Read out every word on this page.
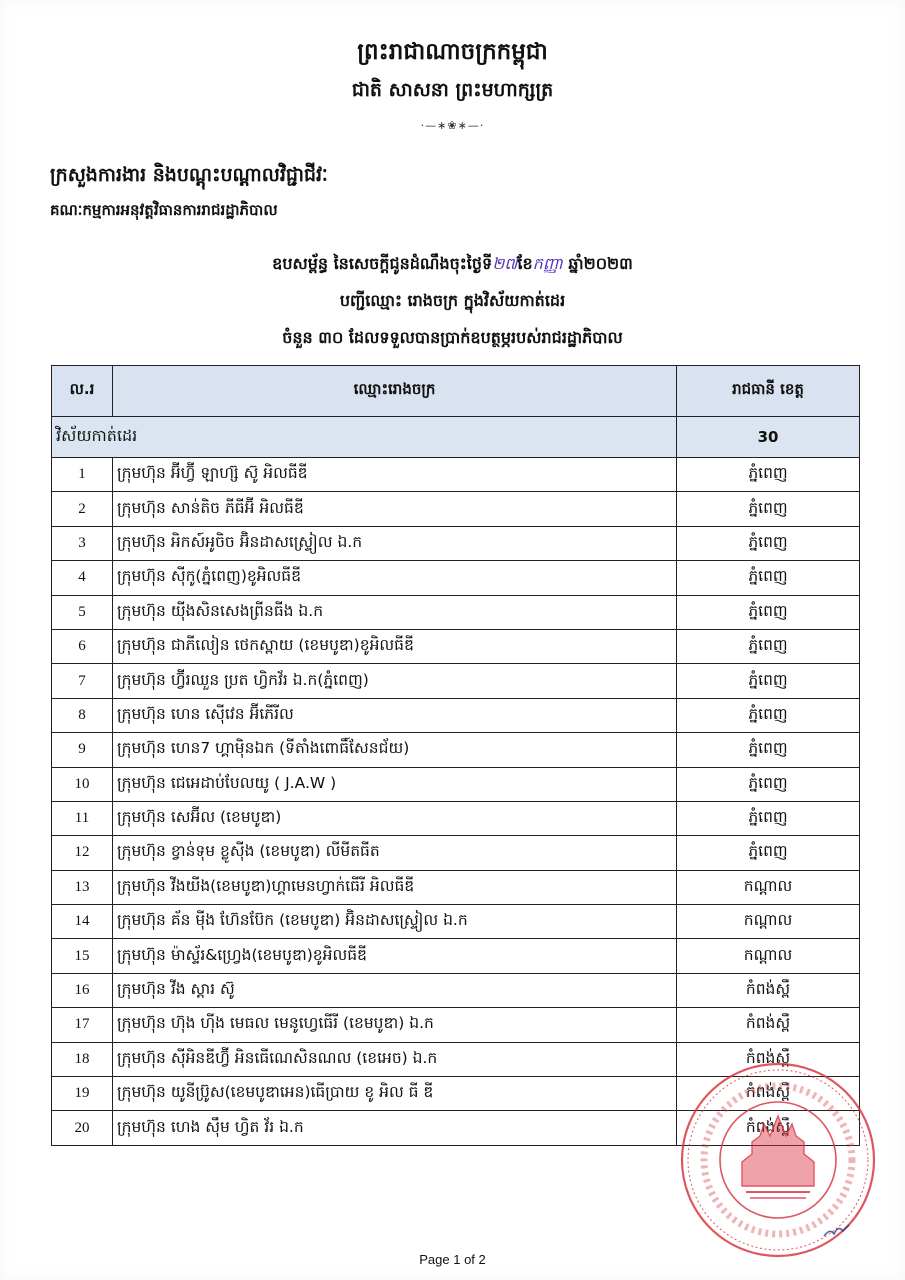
ព្រះរាជាណាចក្រកម្ពុជា
ជាតិ សាសនា ព្រះមហាក្សត្រ
·—∗❀∗—·
ក្រសួងការងារ និងបណ្តុះបណ្តាលវិជ្ជាជីវៈ
គណៈកម្មការអនុវត្តវិធានការរាជរដ្ឋាភិបាល
ឧបសម្ព័ន្ធ នៃសេចក្តីជូនដំណឹងចុះថ្ងៃទី២៧ខែកញ្ញា ឆ្នាំ២០២៣
បញ្ជីឈ្មោះ រោងចក្រ ក្នុងវិស័យកាត់ដេរ
ចំនួន ៣០ ដែលទទួលបានប្រាក់ឧបត្ថម្ភរបស់រាជរដ្ឋាភិបាល
ល.រ	ឈ្មោះរោងចក្រ	រាជធានី ខេត្ត
វិស័យកាត់ដេរ		30
1	ក្រុមហ៊ុន អ៊ីហ្វ៊ី ឡាហ្ស៊ ស៊ូ អិលធីឌី	ភ្នំពេញ
2	ក្រុមហ៊ុន សាន់តិច ភីធីអ៊ី អិលធីឌី	ភ្នំពេញ
3	ក្រុមហ៊ុន អិកស៍អូចិច អ៊ិនដាសស្ទ្រៀល ឯ.ក	ភ្នំពេញ
4	ក្រុមហ៊ុន ស៊ីកូ(ភ្នំពេញ)ខូអិលធីឌី	ភ្នំពេញ
5	ក្រុមហ៊ុន យ៉ីងសិនសេងព្រីនធីង ឯ.ក	ភ្នំពេញ
6	ក្រុមហ៊ុន ជាភីលៀន ថេកស្ពាយ (ខេមបូឌា)ខូអិលធីឌី	ភ្នំពេញ
7	ក្រុមហ៊ុន ហ្វ៊ីរឈួន ប្រត ហ្វិកវ័រ ឯ.ក(ភ្នំពេញ)	ភ្នំពេញ
8	ក្រុមហ៊ុន ហេន ស៊ើវេន អ៊ីភើរីល	ភ្នំពេញ
9	ក្រុមហ៊ុន ហេន7 ហ្គាម៉ិនឯក (ទីតាំងពោធិ៍សែនជ័យ)	ភ្នំពេញ
10	ក្រុមហ៊ុន ជេអេដាប់បែលយូ ( J.A.W )	ភ្នំពេញ
11	ក្រុមហ៊ុន សេអ៊ីល (ខេមបូឌា)	ភ្នំពេញ
12	ក្រុមហ៊ុន ខ្វាន់ទុម ខ្លូស៊ីង (ខេមបូឌា) លីមីតធីត	ភ្នំពេញ
13	ក្រុមហ៊ុន វីងយីង(ខេមបូឌា)ហ្គាមេនហ្វាក់ធើរី អិលធីឌី	កណ្តាល
14	ក្រុមហ៊ុន គ័ន ម៉ីង ហ៊ែនប៊ែក (ខេមបូឌា) អ៊ិនដាសស្ទ្រៀល ឯ.ក	កណ្តាល
15	ក្រុមហ៊ុន ម៉ាស្ទ័រ&ហ្វ្រេង(ខេមបូឌា)ខូអិលធីឌី	កណ្តាល
16	ក្រុមហ៊ុន វីង ស្តារ ស៊ូ	កំពង់ស្ពឺ
17	ក្រុមហ៊ុន ហ៊ុង ហ៊ីង មេធល មេនូហ្វេធើរី (ខេមបូឌា) ឯ.ក	កំពង់ស្ពឺ
18	ក្រុមហ៊ុន ស៊ីអិនឌីហ្វ៊ី អិនធើណេសិនណល (ខេអេច) ឯ.ក	កំពង់ស្ពឺ
19	ក្រុមហ៊ុន យូនីប្រ៊ូស(ខេមបូឌាអេន)ធើប្រាយ ខូ អិល ធី ឌី	កំពង់ស្ពឺ
20	ក្រុមហ៊ុន ហេង ស៊ឹម ហ្វិត វ័រ ឯ.ក	កំពង់ស្ពឺ
Page 1 of 2
